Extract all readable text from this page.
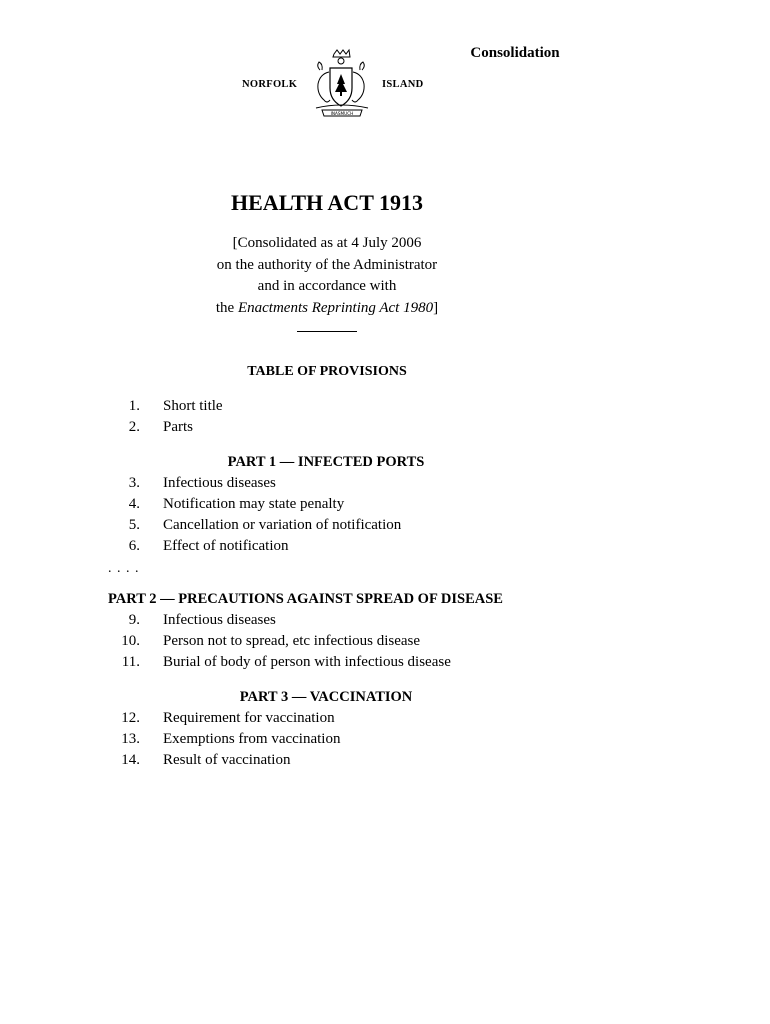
Consolidation
NORFOLK
INASMUCH
ISLAND
HEALTH ACT 1913
[Consolidated as at 4 July 2006
on the authority of the Administrator
and in accordance with
the Enactments Reprinting Act 1980]
TABLE OF PROVISIONS
1. Short title
2. Parts
PART 1 — INFECTED PORTS
3. Infectious diseases
4. Notification may state penalty
5. Cancellation or variation of notification
6. Effect of notification
. . . .
PART 2 — PRECAUTIONS AGAINST SPREAD OF DISEASE
9. Infectious diseases
10. Person not to spread, etc infectious disease
11. Burial of body of person with infectious disease
PART 3 — VACCINATION
12. Requirement for vaccination
13. Exemptions from vaccination
14. Result of vaccination
